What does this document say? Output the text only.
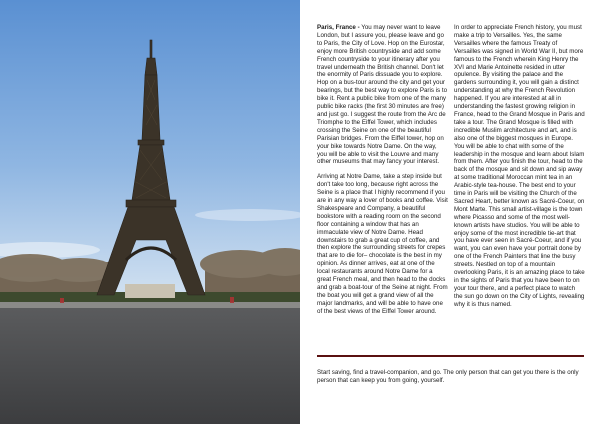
Paris, France - You may never want to leave London, but I assure you, please leave and go to Paris, the City of Love. Hop on the Eurostar, enjoy more British countryside and add some French countryside to your itinerary after you travel underneath the British channel. Don't let the enormity of Paris dissuade you to explore. Hop on a bus-tour around the city and get your bearings, but the best way to explore Paris is to bike it. Rent a public bike from one of the many public bike racks (the first 30 minutes are free) and just go. I suggest the route from the Arc de Triomphe to the Eiffel Tower, which includes crossing the Seine on one of the beautiful Parisian bridges. From the Eiffel tower, hop on your bike towards Notre Dame. On the way, you will be able to visit the Louvre and many other museums that may fancy your interest.

Arriving at Notre Dame, take a step inside but don't take too long, because right across the Seine is a place that I highly recommend if you are in any way a lover of books and coffee. Visit Shakespeare and Company, a beautiful bookstore with a reading room on the second floor containing a window that has an immaculate view of Notre Dame. Head downstairs to grab a great cup of coffee, and then explore the surrounding streets for crepes that are to die for– chocolate is the best in my opinion. As dinner arrives, eat at one of the local restaurants around Notre Dame for a great French meal, and then head to the docks and grab a boat-tour of the Seine at night. From the boat you will get a grand view of all the major landmarks, and will be able to have one of the best views of the Eiffel Tower around.

In order to appreciate French history, you must make a trip to Versailles. Yes, the same Versailles where the famous Treaty of Versailles was signed in World War II, but more famous to the French wherein King Henry the XVI and Marie Antoinette resided in utter opulence. By visiting the palace and the gardens surrounding it, you will gain a distinct understanding at why the French Revolution happened. If you are interested at all in understanding the fastest growing religion in France, head to the Grand Mosque in Paris and take a tour. The Grand Mosque is filled with incredible Muslim architecture and art, and is also one of the biggest mosques in Europe. You will be able to chat with some of the leadership in the mosque and learn about Islam from them. After you finish the tour, head to the back of the mosque and sit down and sip away at some traditional Moroccan mint tea in an Arabic-style tea-house. The best end to your time in Paris will be visiting the Church of the Sacred Heart, better known as Sacré-Coeur, on Mont Marte. This small artist-village is the town where Picasso and some of the most well-known artists have studios. You will be able to enjoy some of the most incredible tie-art that you have ever seen in Sacré-Coeur, and if you want, you can even have your portrait done by one of the French Painters that line the busy streets. Nestled on top of a mountain overlooking Paris, it is an amazing place to take in the sights of Paris that you have been to on your tour there, and a perfect place to watch the sun go down on the City of Lights, revealing why it is thus named.

Start saving, find a travel-companion, and go. The only person that can get you there is the only person that can keep you from going, yourself.
